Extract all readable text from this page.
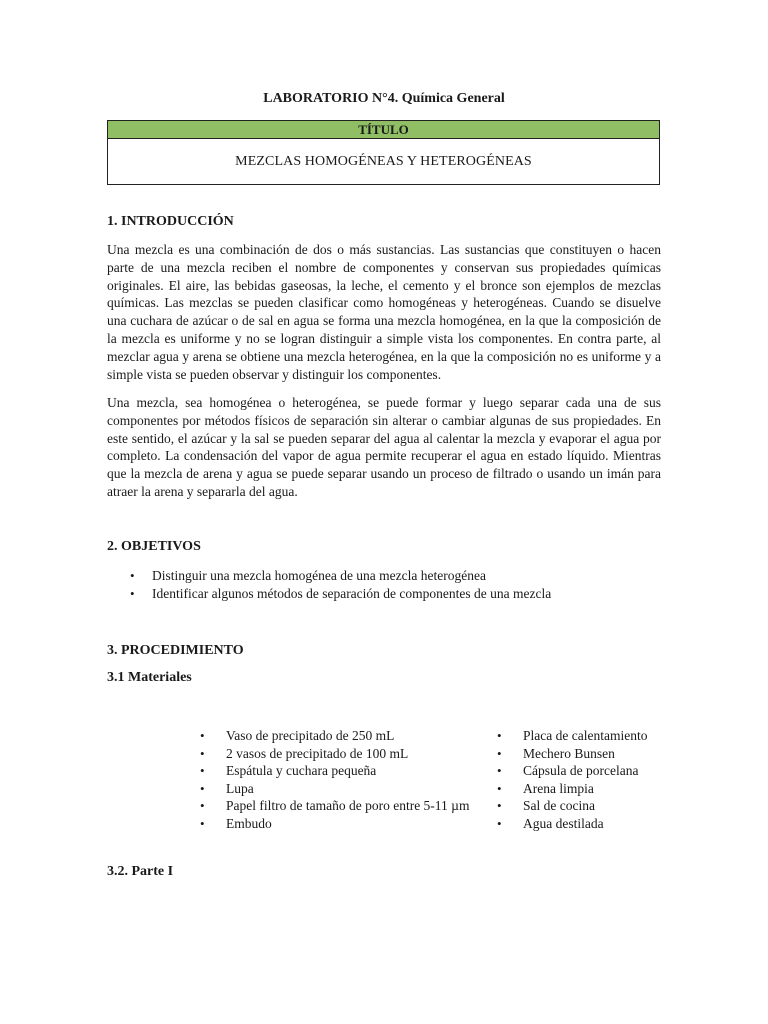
LABORATORIO N°4. Química General
TÍTULO
MEZCLAS HOMOGÉNEAS Y HETEROGÉNEAS
1. INTRODUCCIÓN

Una mezcla es una combinación de dos o más sustancias. Las sustancias que constituyen o hacen parte de una mezcla reciben el nombre de componentes y conservan sus propiedades químicas originales. El aire, las bebidas gaseosas, la leche, el cemento y el bronce son ejemplos de mezclas químicas. Las mezclas se pueden clasificar como homogéneas y heterogéneas. Cuando se disuelve una cuchara de azúcar o de sal en agua se forma una mezcla homogénea, en la que la composición de la mezcla es uniforme y no se logran distinguir a simple vista los componentes. En contra parte, al mezclar agua y arena se obtiene una mezcla heterogénea, en la que la composición no es uniforme y a simple vista se pueden observar y distinguir los componentes.

Una mezcla, sea homogénea o heterogénea, se puede formar y luego separar cada una de sus componentes por métodos físicos de separación sin alterar o cambiar algunas de sus propiedades. En este sentido, el azúcar y la sal se pueden separar del agua al calentar la mezcla y evaporar el agua por completo. La condensación del vapor de agua permite recuperar el agua en estado líquido. Mientras que la mezcla de arena y agua se puede separar usando un proceso de filtrado o usando un imán para atraer la arena y separarla del agua.

2. OBJETIVOS
• Distinguir una mezcla homogénea de una mezcla heterogénea
• Identificar algunos métodos de separación de componentes de una mezcla
3. PROCEDIMIENTO
3.1 Materiales
• Vaso de precipitado de 250 mL
• 2 vasos de precipitado de 100 mL
• Espátula y cuchara pequeña
• Lupa
• Papel filtro de tamaño de poro entre 5-11 µm
• Embudo
• Placa de calentamiento
• Mechero Bunsen
• Cápsula de porcelana
• Arena limpia
• Sal de cocina
• Agua destilada
3.2. Parte I
